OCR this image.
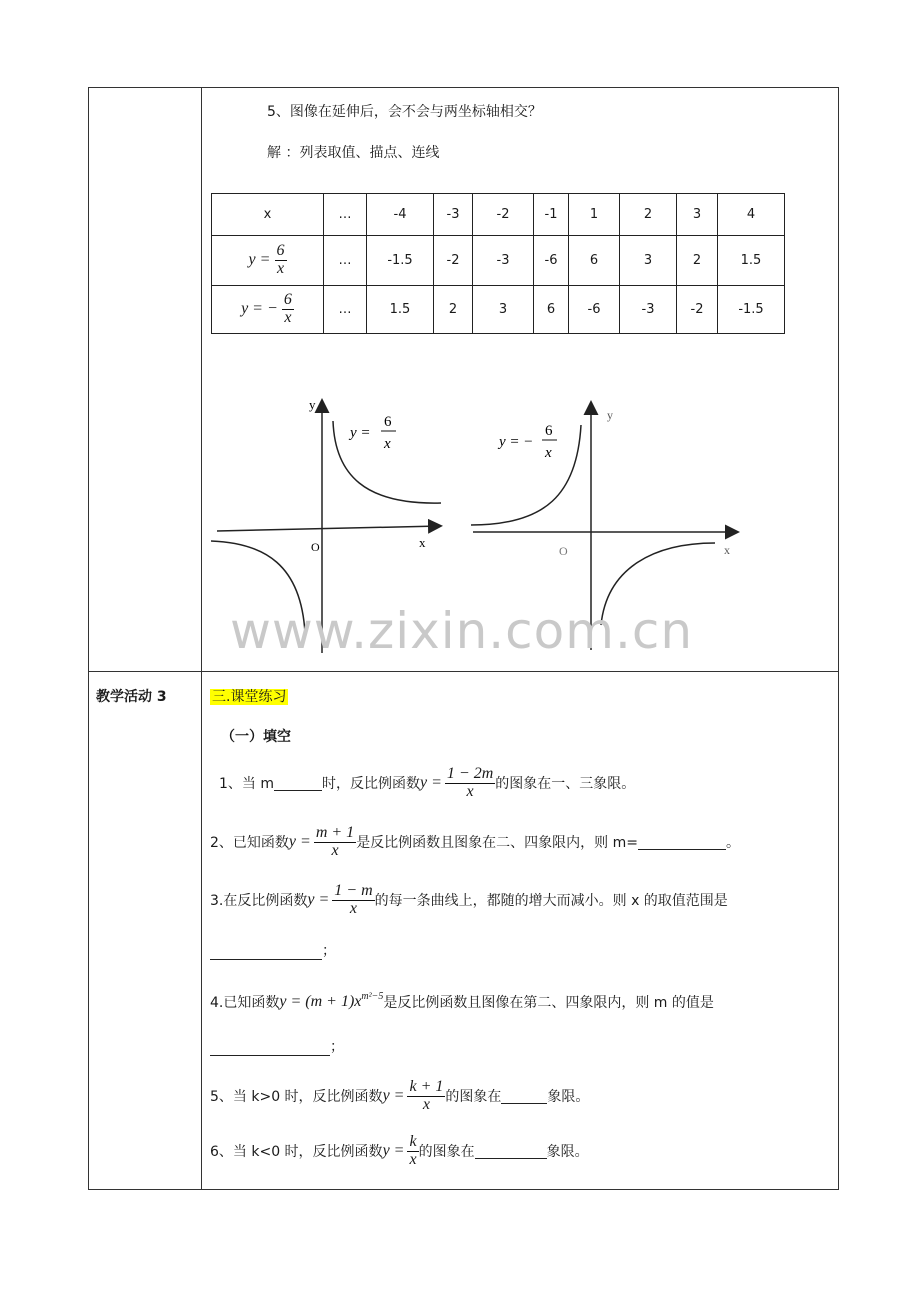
5、图像在延伸后，会不会与两坐标轴相交？
解 ：列表取值、描点、连线
x	…	-4	-3	-2	-1	1	2	3	4
$y = \frac{6}{x}$	…	-1.5	-2	-3	-6	6	3	2	1.5
y = − $\frac{6}{x}$	…	1.5	2	3	6	-6	-3	-2	-1.5
y
x
O
y =
6
x
y
x
O
y = −
6
x
www.zixin.com.cn
教学活动 3	三.课堂练习
（一）填空
1、当 m	时，反比例函数 $y = \frac{1 - 2m}{x}$ 的图象在一、三象限。
2、已知函数 $y = \frac{m + 1}{x}$ 是反比例函数且图象在二、四象限内，则 m=	。
3.在反比例函数 $y = \frac{1 - m}{x}$ 的每一条曲线上，都随的增大而减小。则 x 的取值范围是
；
4.已知函数 $y = (m + 1)x^{m^2-5}$ 是反比例函数且图像在第二、四象限内，则 m 的值是
；
5、当 k>0 时，反比例函数 $y = \frac{k + 1}{x}$ 的图象在	象限。
6、当 k<0 时，反比例函数 $y = \frac{k}{x}$ 的图象在	象限。
